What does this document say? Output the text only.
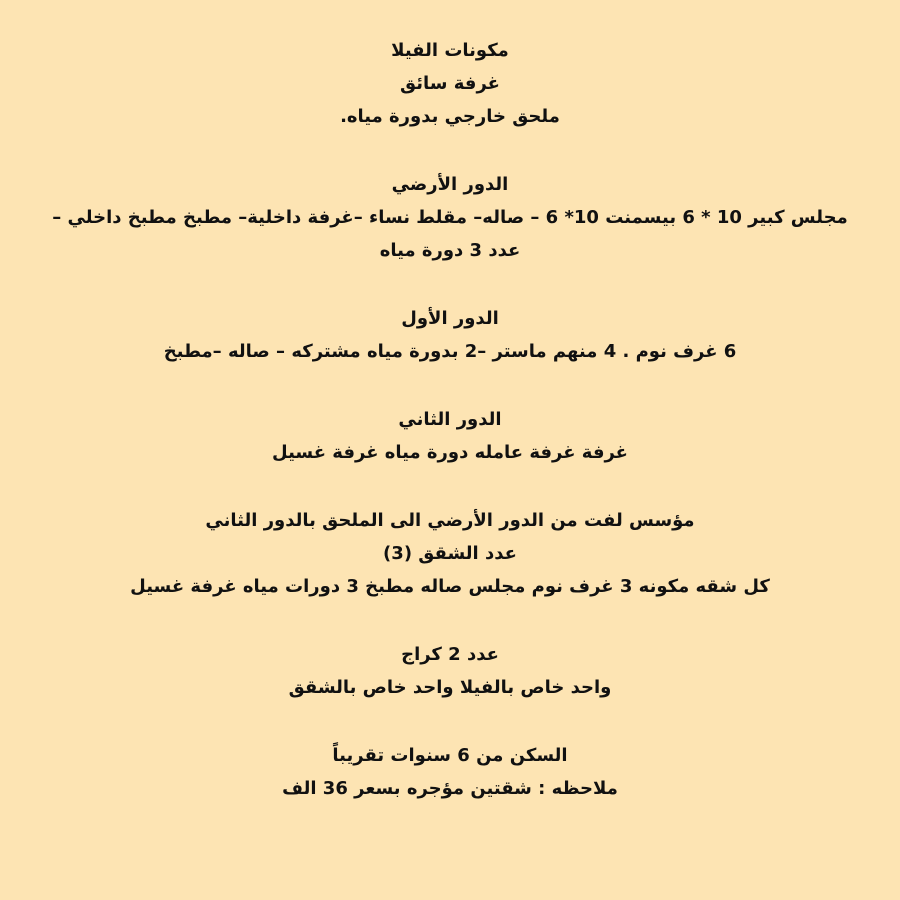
مكونات الفيلا
غرفة سائق
ملحق خارجي بدورة مياه.
الدور الأرضي
مجلس كبير 10 * 6 بيسمنت 10* 6 – صاله– مقلط نساء –غرفة داخلية– مطبخ مطبخ داخلي –
عدد 3 دورة مياه
الدور الأول
6 غرف نوم . 4 منهم ماستر –2 بدورة مياه مشتركه – صاله –مطبخ
الدور الثاني
غرفة غرفة عامله دورة مياه غرفة غسيل
مؤسس لفت من الدور الأرضي الى الملحق بالدور الثاني
عدد الشقق (3)
كل شقه مكونه 3 غرف نوم مجلس صاله مطبخ 3 دورات مياه غرفة غسيل
عدد 2 كراج
واحد خاص بالفيلا واحد خاص بالشقق
السكن من 6 سنوات تقريباً
ملاحظه : شقتين مؤجره بسعر 36 الف
